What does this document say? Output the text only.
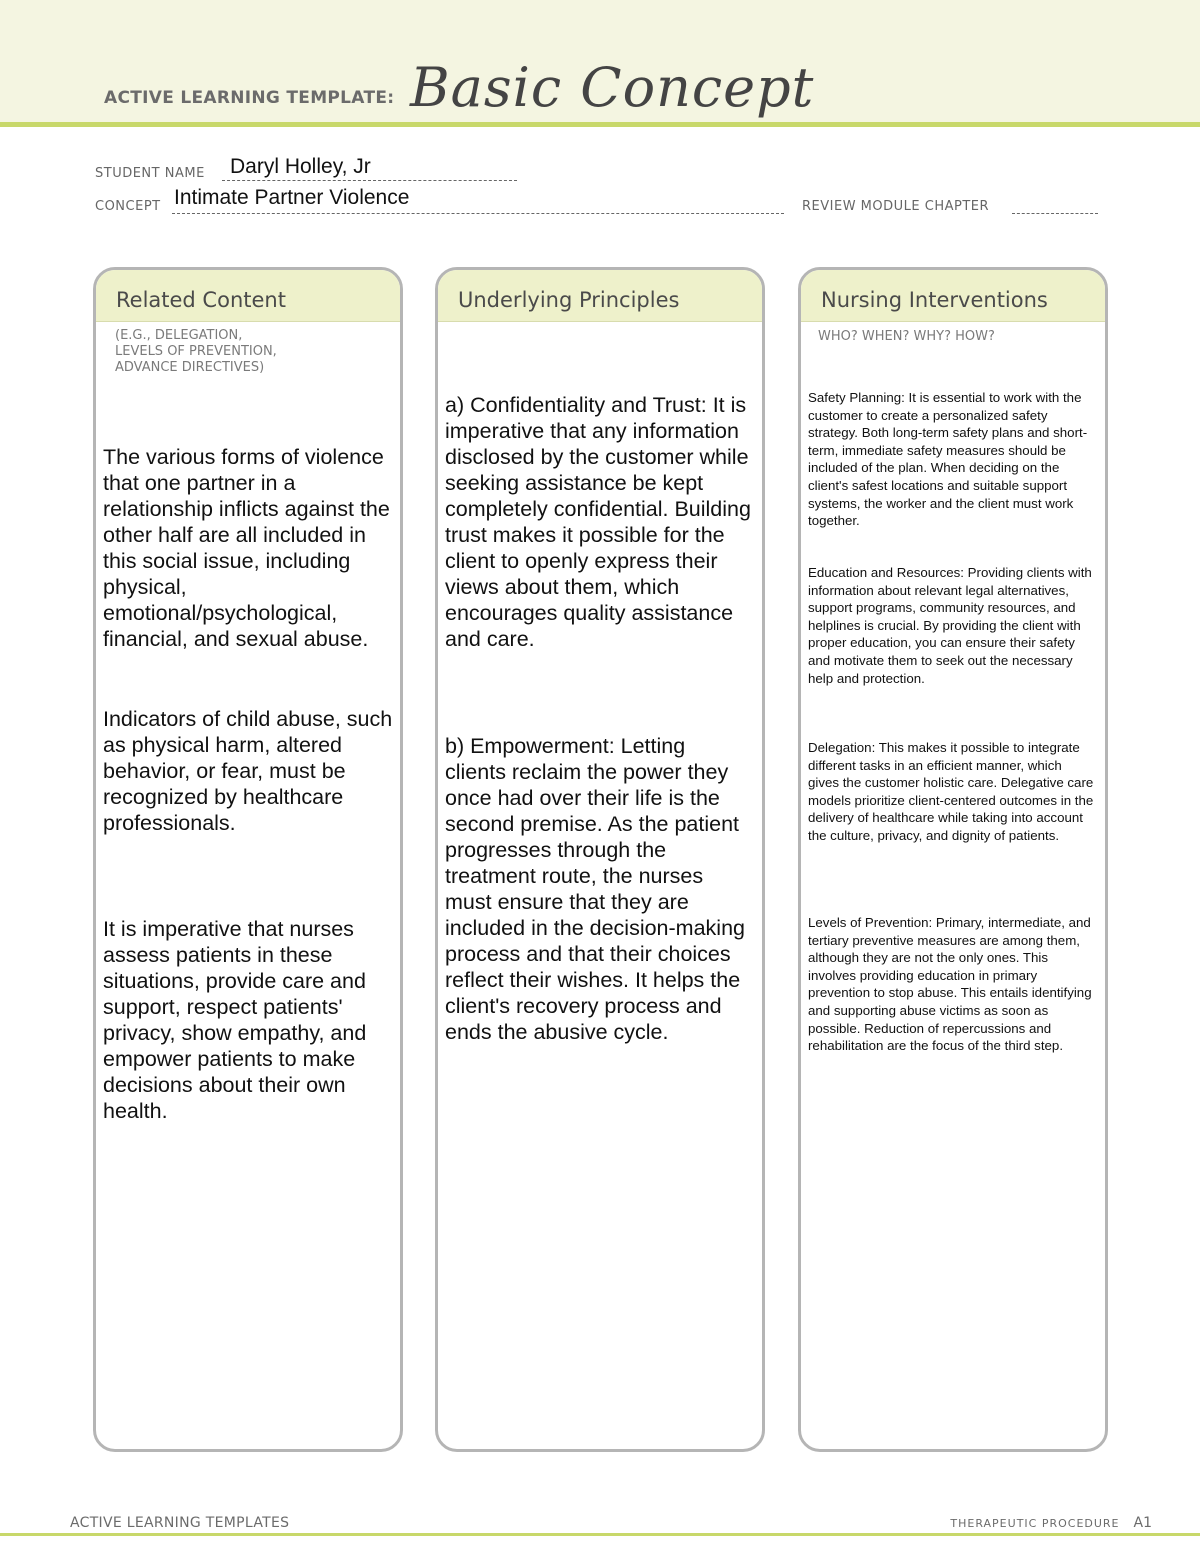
ACTIVE LEARNING TEMPLATE: Basic Concept
STUDENT NAME Daryl Holley, Jr
CONCEPT Intimate Partner Violence	REVIEW MODULE CHAPTER
Related Content
(E.G., DELEGATION,
LEVELS OF PREVENTION,
ADVANCE DIRECTIVES)
The various forms of violence that one partner in a relationship inflicts against the other half are all included in this social issue, including physical, emotional/psychological, financial, and sexual abuse.
Indicators of child abuse, such as physical harm, altered behavior, or fear, must be recognized by healthcare professionals.
It is imperative that nurses assess patients in these situations, provide care and support, respect patients' privacy, show empathy, and empower patients to make decisions about their own health.
Underlying Principles
a) Confidentiality and Trust: It is imperative that any information disclosed by the customer while seeking assistance be kept completely confidential. Building trust makes it possible for the client to openly express their views about them, which encourages quality assistance and care.
b) Empowerment: Letting clients reclaim the power they once had over their life is the second premise. As the patient progresses through the treatment route, the nurses must ensure that they are included in the decision-making process and that their choices reflect their wishes. It helps the client's recovery process and ends the abusive cycle.
Nursing Interventions
WHO? WHEN? WHY? HOW?
Safety Planning: It is essential to work with the customer to create a personalized safety strategy. Both long-term safety plans and short-term, immediate safety measures should be included of the plan. When deciding on the client's safest locations and suitable support systems, the worker and the client must work together.
Education and Resources: Providing clients with information about relevant legal alternatives, support programs, community resources, and helplines is crucial. By providing the client with proper education, you can ensure their safety and motivate them to seek out the necessary help and protection.
Delegation: This makes it possible to integrate different tasks in an efficient manner, which gives the customer holistic care. Delegative care models prioritize client-centered outcomes in the delivery of healthcare while taking into account the culture, privacy, and dignity of patients.
Levels of Prevention: Primary, intermediate, and tertiary preventive measures are among them, although they are not the only ones. This involves providing education in primary prevention to stop abuse. This entails identifying and supporting abuse victims as soon as possible. Reduction of repercussions and rehabilitation are the focus of the third step.
ACTIVE LEARNING TEMPLATES	THERAPEUTIC PROCEDURE A1
